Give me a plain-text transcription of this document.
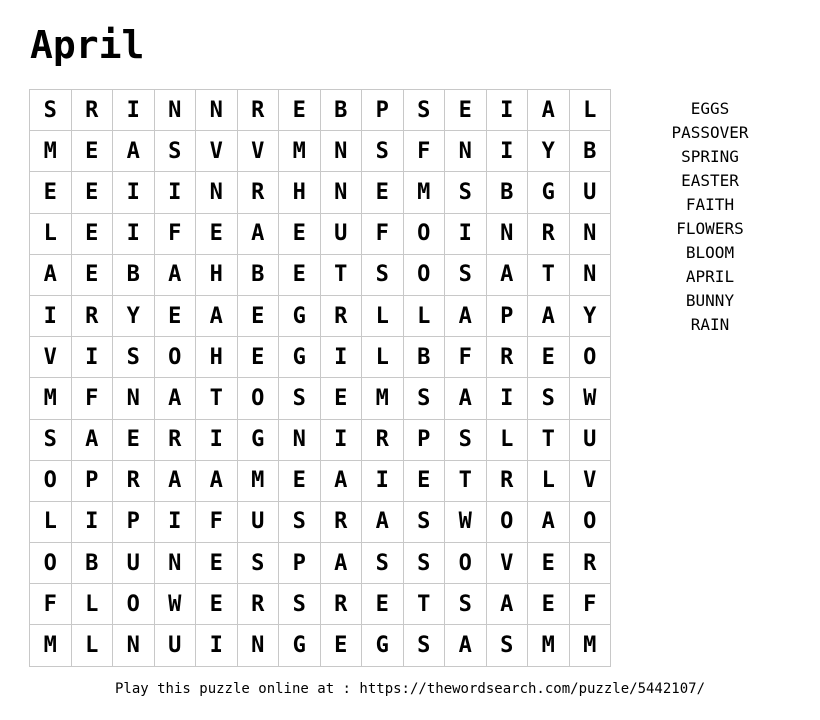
April
S	R	I	N	N	R	E	B	P	S	E	I	A	L
M	E	A	S	V	V	M	N	S	F	N	I	Y	B
E	E	I	I	N	R	H	N	E	M	S	B	G	U
L	E	I	F	E	A	E	U	F	O	I	N	R	N
A	E	B	A	H	B	E	T	S	O	S	A	T	N
I	R	Y	E	A	E	G	R	L	L	A	P	A	Y
V	I	S	O	H	E	G	I	L	B	F	R	E	O
M	F	N	A	T	O	S	E	M	S	A	I	S	W
S	A	E	R	I	G	N	I	R	P	S	L	T	U
O	P	R	A	A	M	E	A	I	E	T	R	L	V
L	I	P	I	F	U	S	R	A	S	W	O	A	O
O	B	U	N	E	S	P	A	S	S	O	V	E	R
F	L	O	W	E	R	S	R	E	T	S	A	E	F
M	L	N	U	I	N	G	E	G	S	A	S	M	M
EGGS
PASSOVER
SPRING
EASTER
FAITH
FLOWERS
BLOOM
APRIL
BUNNY
RAIN
Play this puzzle online at : https://thewordsearch.com/puzzle/5442107/
